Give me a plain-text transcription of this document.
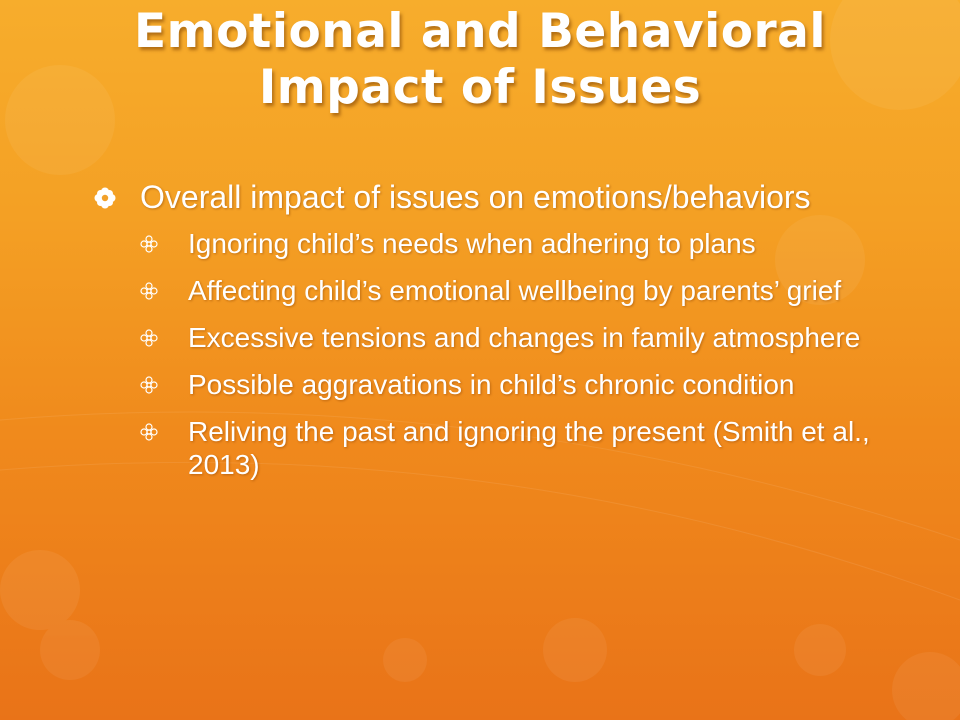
Emotional and Behavioral
Impact of Issues
Overall impact of issues on emotions/behaviors
Ignoring child’s needs when adhering to plans
Affecting child’s emotional wellbeing by parents’ grief
Excessive tensions and changes in family atmosphere
Possible aggravations in child’s chronic condition
Reliving the past and ignoring the present (Smith et al., 2013)
